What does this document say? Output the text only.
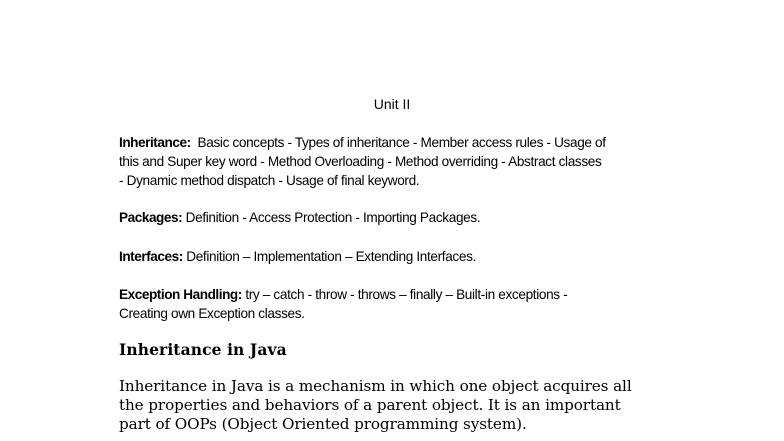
Unit II
Inheritance:  Basic concepts - Types of inheritance - Member access rules - Usage of
this and Super key word - Method Overloading - Method overriding - Abstract classes
- Dynamic method dispatch - Usage of final keyword.
Packages: Definition - Access Protection - Importing Packages.
Interfaces: Definition – Implementation – Extending Interfaces.
Exception Handling: try – catch - throw - throws – finally – Built-in exceptions -
Creating own Exception classes.
Inheritance in Java
Inheritance in Java is a mechanism in which one object acquires all
the properties and behaviors of a parent object. It is an important
part of OOPs (Object Oriented programming system).
